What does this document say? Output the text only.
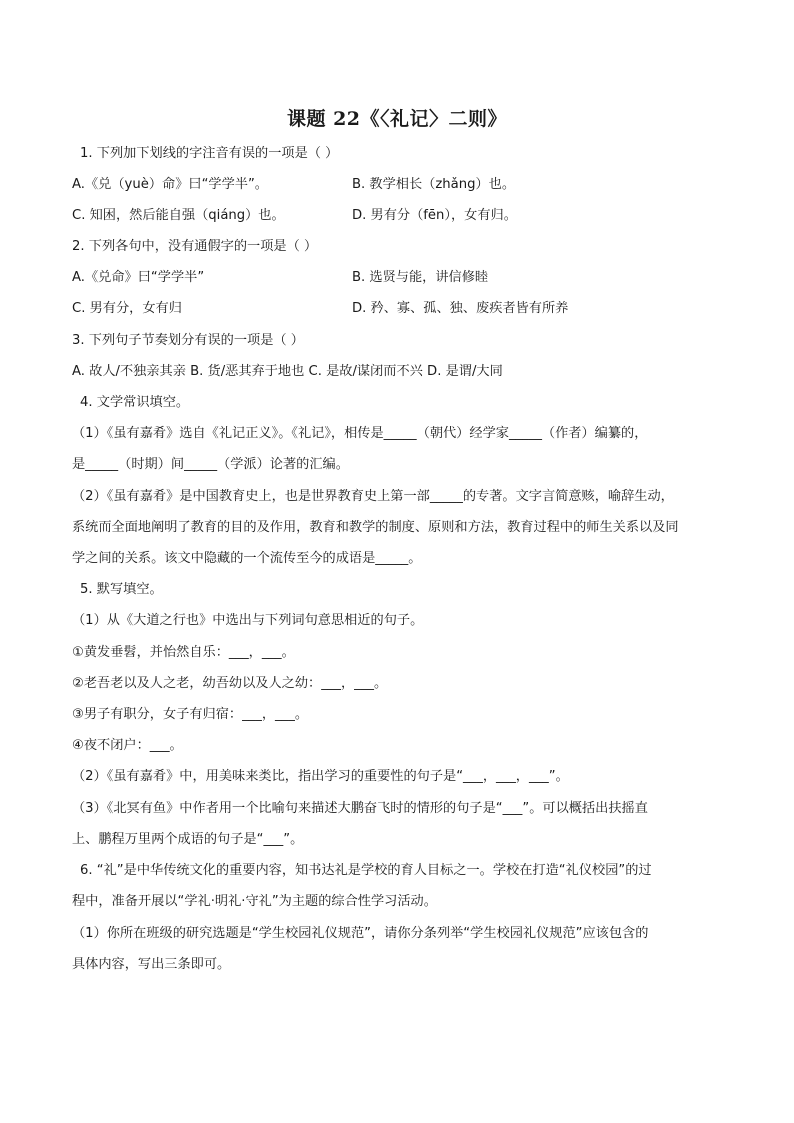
课题 22《〈礼记〉二则》
1. 下列加下划线的字注音有误的一项是（ ）
A.《兑（yuè）命》曰“学学半”。	B. 教学相长（zhǎng）也。
C. 知困，然后能自强（qiáng）也。	D. 男有分（fēn），女有归。
2. 下列各句中，没有通假字的一项是（ ）
A.《兑命》曰“学学半”	B. 选贤与能，讲信修睦
C. 男有分，女有归	D. 矜、寡、孤、独、废疾者皆有所养
3. 下列句子节奏划分有误的一项是（ ）
A. 故人/不独亲其亲 B. 货/恶其弃于地也 C. 是故/谋闭而不兴 D. 是谓/大同
4. 文学常识填空。
（1）《虽有嘉肴》选自《礼记正义》。《礼记》，相传是_____（朝代）经学家_____（作者）编纂的，
是_____（时期）间_____（学派）论著的汇编。
（2）《虽有嘉肴》是中国教育史上，也是世界教育史上第一部_____的专著。文字言简意赅，喻辞生动，
系统而全面地阐明了教育的目的及作用，教育和教学的制度、原则和方法，教育过程中的师生关系以及同
学之间的关系。该文中隐藏的一个流传至今的成语是_____。
5. 默写填空。
（1）从《大道之行也》中选出与下列词句意思相近的句子。
①黄发垂髫，并怡然自乐：___，___。
②老吾老以及人之老，幼吾幼以及人之幼：___，___。
③男子有职分，女子有归宿：___，___。
④夜不闭户：___。
（2）《虽有嘉肴》中，用美味来类比，指出学习的重要性的句子是“___，___，___”。
（3）《北冥有鱼》中作者用一个比喻句来描述大鹏奋飞时的情形的句子是“___”。可以概括出扶摇直
上、鹏程万里两个成语的句子是“___”。
6. “礼”是中华传统文化的重要内容，知书达礼是学校的育人目标之一。学校在打造“礼仪校园”的过
程中，准备开展以“学礼·明礼·守礼”为主题的综合性学习活动。
（1）你所在班级的研究选题是“学生校园礼仪规范”，请你分条列举“学生校园礼仪规范”应该包含的
具体内容，写出三条即可。
